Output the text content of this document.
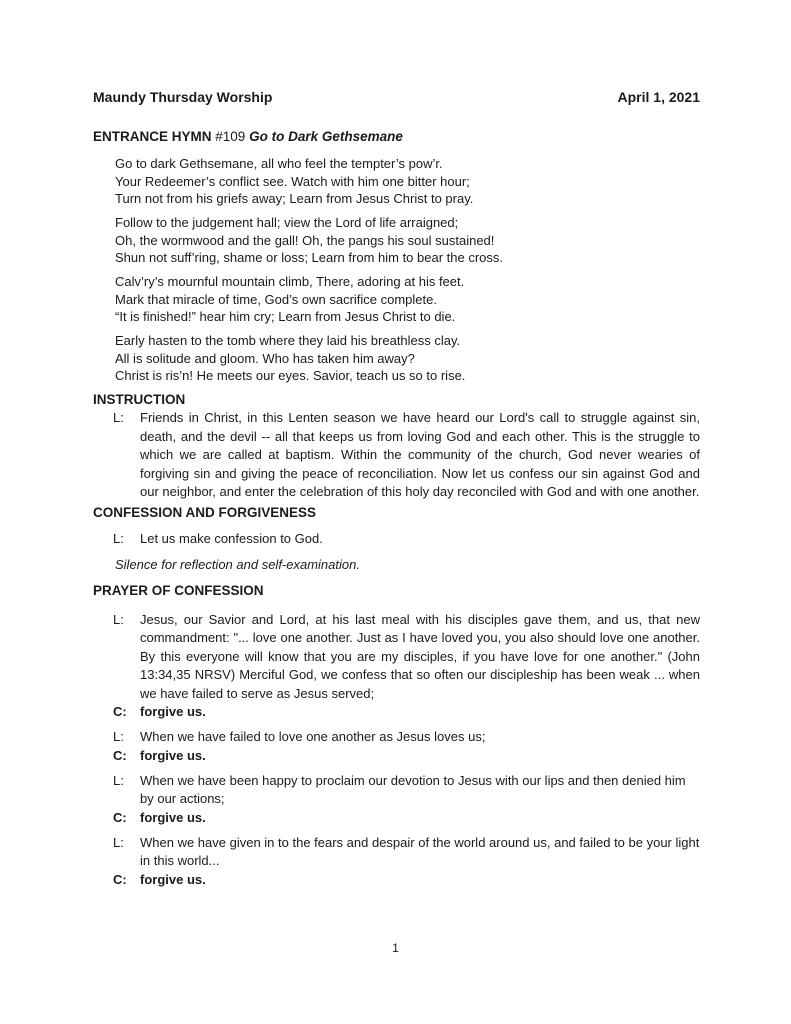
Maundy Thursday Worship	April 1, 2021
ENTRANCE HYMN #109 Go to Dark Gethsemane
Go to dark Gethsemane, all who feel the tempter’s pow’r.
Your Redeemer’s conflict see. Watch with him one bitter hour;
Turn not from his griefs away; Learn from Jesus Christ to pray.
Follow to the judgement hall; view the Lord of life arraigned;
Oh, the wormwood and the gall! Oh, the pangs his soul sustained!
Shun not suff’ring, shame or loss; Learn from him to bear the cross.
Calv’ry’s mournful mountain climb, There, adoring at his feet.
Mark that miracle of time, God’s own sacrifice complete.
“It is finished!” hear him cry; Learn from Jesus Christ to die.
Early hasten to the tomb where they laid his breathless clay.
All is solitude and gloom. Who has taken him away?
Christ is ris’n! He meets our eyes. Savior, teach us so to rise.
INSTRUCTION
L:	Friends in Christ, in this Lenten season we have heard our Lord's call to struggle against sin, death, and the devil -- all that keeps us from loving God and each other. This is the struggle to which we are called at baptism. Within the community of the church, God never wearies of forgiving sin and giving the peace of reconciliation. Now let us confess our sin against God and our neighbor, and enter the celebration of this holy day reconciled with God and with one another.
CONFESSION AND FORGIVENESS
L:	Let us make confession to God.
Silence for reflection and self-examination.
PRAYER OF CONFESSION
L:	Jesus, our Savior and Lord, at his last meal with his disciples gave them, and us, that new commandment: "... love one another. Just as I have loved you, you also should love one another. By this everyone will know that you are my disciples, if you have love for one another." (John 13:34,35 NRSV) Merciful God, we confess that so often our discipleship has been weak ... when we have failed to serve as Jesus served;
C:	forgive us.
L:	When we have failed to love one another as Jesus loves us;
C:	forgive us.
L:	When we have been happy to proclaim our devotion to Jesus with our lips and then denied him by our actions;
C:	forgive us.
L:	When we have given in to the fears and despair of the world around us, and failed to be your light in this world...
C:	forgive us.
1
